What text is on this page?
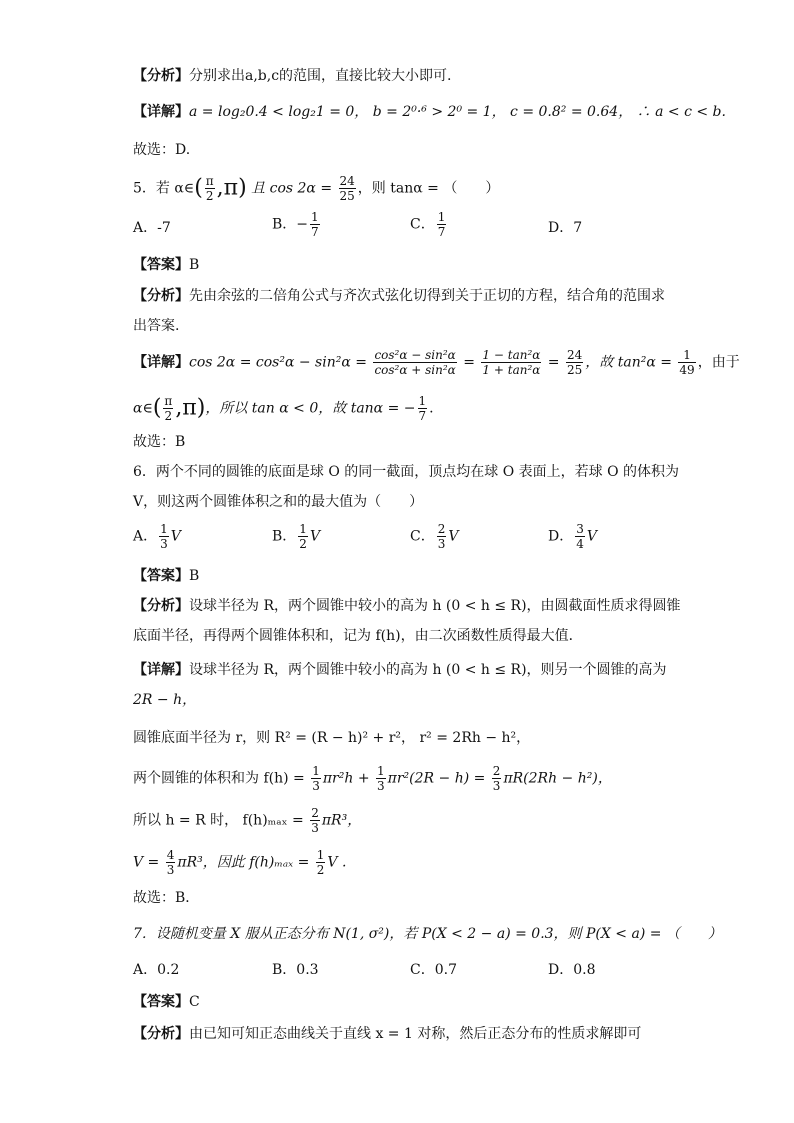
【分析】分别求出a,b,c的范围，直接比较大小即可.
【详解】a = log₂0.4 < log₂1 = 0， b = 2⁰·⁶ > 2⁰ = 1， c = 0.8² = 0.64， ∴ a < c < b.
故选：D.
5．若 α∈( $\frac{\pi}{2} ,\pi$) 且 $\cos 2\alpha = \frac{24}{25}$ ，则 tanα = （　　）
A．-7	B．− $\frac{1}{7}$	C． $\frac{1}{7}$	D．7
【答案】B
【分析】先由余弦的二倍角公式与齐次式弦化切得到关于正切的方程，结合角的范围求
出答案.
【详解】$\cos 2\alpha = \cos^2\alpha - \sin^2\alpha = \frac{\text{cos²α − sin²α}}{\text{cos²α + sin²α}} = \frac{\text{1 − tan²α}}{\text{1 + tan²α}} = \frac{24}{25}$ ，故 $\tan^2\alpha = \frac{1}{49}$ ，由于
α∈( $\frac{\pi}{2} ,\pi$)，所以 tan α < 0，故 tanα = − $\frac{1}{7}$ .
故选：B
6．两个不同的圆锥的底面是球 O 的同一截面，顶点均在球 O 表面上，若球 O 的体积为
V，则这两个圆锥体积之和的最大值为（　　）
A． $\frac{1}{3}$ V	B． $\frac{1}{2}$ V	C． $\frac{2}{3}$ V	D． $\frac{3}{4}$ V
【答案】B
【分析】设球半径为 R，两个圆锥中较小的高为 h (0 < h ≤ R)，由圆截面性质求得圆锥
底面半径，再得两个圆锥体积和，记为 f(h)，由二次函数性质得最大值．
【详解】设球半径为 R，两个圆锥中较小的高为 h (0 < h ≤ R)，则另一个圆锥的高为
2R − h，
圆锥底面半径为 r，则 R² = (R − h)² + r²， r² = 2Rh − h²，
两个圆锥的体积和为 $f(h) = \frac{1}{3} \pi r^2h + \frac{1}{3} \pi r^2(2R - h) = \frac{2}{3} \pi R(2Rh - h^2)$，
所以 h = R 时， $f(h)_{max} = \frac{2}{3} \pi R^3$，
$V = \frac{4}{3} \pi R^3$，因此 $f(h)_{max} = \frac{1}{2}$ V .
故选：B．
7．设随机变量 X 服从正态分布 N(1, σ²)，若 P(X < 2 − a) = 0.3，则 P(X < a) = （　　）
A．0.2	B．0.3	C．0.7	D．0.8
【答案】C
【分析】由已知可知正态曲线关于直线 x = 1 对称，然后正态分布的性质求解即可
